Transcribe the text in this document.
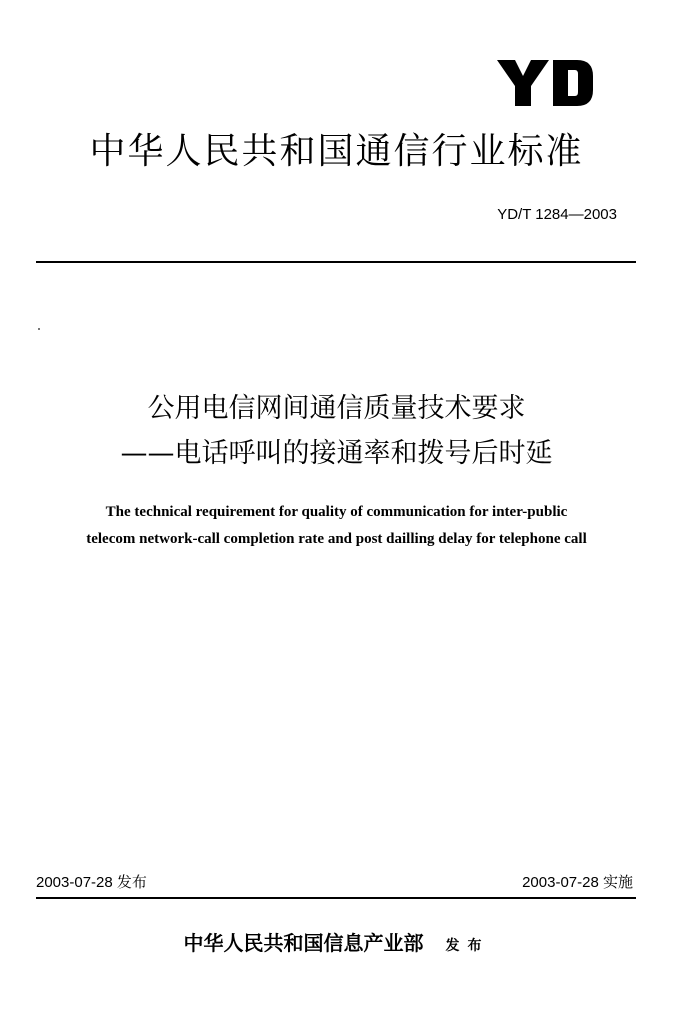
YD
中华人民共和国通信行业标准
YD/T 1284—2003
公用电信网间通信质量技术要求
——电话呼叫的接通率和拨号后时延
The technical requirement for quality of communication for inter-public
telecom network-call completion rate and post dailling delay for telephone call
2003-07-28 发布	2003-07-28 实施
中华人民共和国信息产业部 发布
